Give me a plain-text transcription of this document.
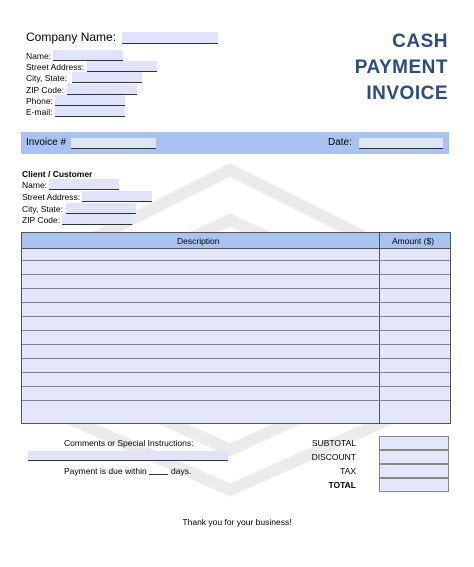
Company Name:
Name:
Street Address:
City, State:
ZIP Code:
Phone:
E-mail:
CASH
PAYMENT
INVOICE
Invoice #	Date:
Client / Customer
Name:
Street Address:
City, State:
ZIP Code:
Description	Amount ($)
Comments or Special Instructions:
Payment is due within	days.
SUBTOTAL
DISCOUNT
TAX
TOTAL
Thank you for your business!
